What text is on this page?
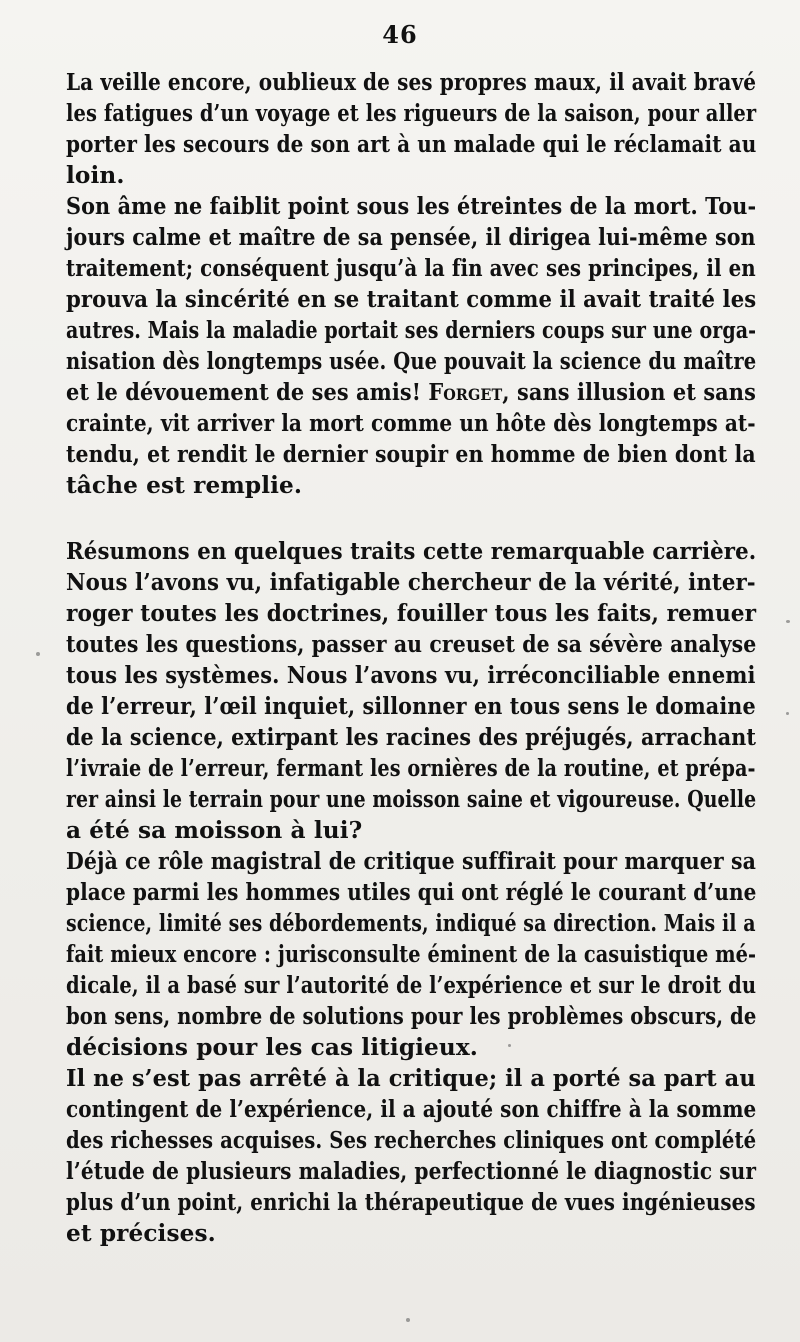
46
La veille encore, oublieux de ses propres maux, il avait bravé
les fatigues d’un voyage et les rigueurs de la saison, pour aller
porter les secours de son art à un malade qui le réclamait au
loin.
Son âme ne faiblit point sous les étreintes de la mort. Tou-
jours calme et maître de sa pensée, il dirigea lui-même son
traitement; conséquent jusqu’à la fin avec ses principes, il en
prouva la sincérité en se traitant comme il avait traité les
autres. Mais la maladie portait ses derniers coups sur une orga-
nisation dès longtemps usée. Que pouvait la science du maître
et le dévouement de ses amis! Forget, sans illusion et sans
crainte, vit arriver la mort comme un hôte dès longtemps at-
tendu, et rendit le dernier soupir en homme de bien dont la
tâche est remplie.
Résumons en quelques traits cette remarquable carrière.
Nous l’avons vu, infatigable chercheur de la vérité, inter-
roger toutes les doctrines, fouiller tous les faits, remuer
toutes les questions, passer au creuset de sa sévère analyse
tous les systèmes. Nous l’avons vu, irréconciliable ennemi
de l’erreur, l’œil inquiet, sillonner en tous sens le domaine
de la science, extirpant les racines des préjugés, arrachant
l’ivraie de l’erreur, fermant les ornières de la routine, et prépa-
rer ainsi le terrain pour une moisson saine et vigoureuse. Quelle
a été sa moisson à lui?
Déjà ce rôle magistral de critique suffirait pour marquer sa
place parmi les hommes utiles qui ont réglé le courant d’une
science, limité ses débordements, indiqué sa direction. Mais il a
fait mieux encore : jurisconsulte éminent de la casuistique mé-
dicale, il a basé sur l’autorité de l’expérience et sur le droit du
bon sens, nombre de solutions pour les problèmes obscurs, de
décisions pour les cas litigieux.
Il ne s’est pas arrêté à la critique; il a porté sa part au
contingent de l’expérience, il a ajouté son chiffre à la somme
des richesses acquises. Ses recherches cliniques ont complété
l’étude de plusieurs maladies, perfectionné le diagnostic sur
plus d’un point, enrichi la thérapeutique de vues ingénieuses
et précises.
